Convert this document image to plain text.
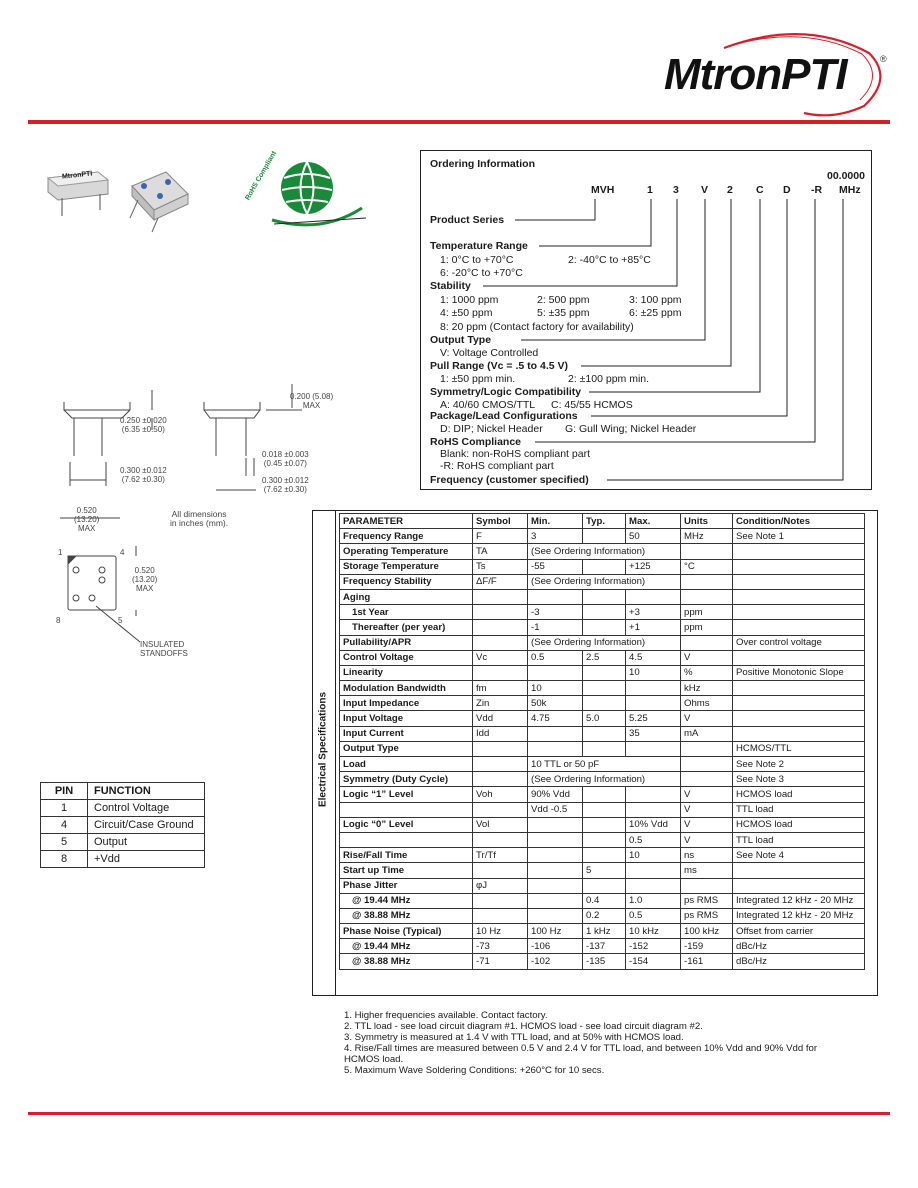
MtronPTI	®
MtronPTI	RoHS Compliant	Ordering Information
00.0000
MVH	1 3 V 2 C D -R MHz
Product Series
Temperature Range
1: 0°C to +70°C	2: -40°C to +85°C
6: -20°C to +70°C
Stability
1: 1000 ppm	2: 500 ppm	3: 100 ppm
4: ±50 ppm	5: ±35 ppm	6: ±25 ppm
8: 20 ppm (Contact factory for availability)
Output Type
V: Voltage Controlled
Pull Range (Vc = .5 to 4.5 V)
1: ±50 ppm min.	2: ±100 ppm min.
Symmetry/Logic Compatibility
A: 40/60 CMOS/TTL C: 45/55 HCMOS
Package/Lead Configurations
D: DIP; Nickel Header G: Gull Wing; Nickel Header
RoHS Compliance
Blank: non-RoHS compliant part
-R: RoHS compliant part
Frequency (customer specified)
0.250 ±0.020
(6.35 ±0.50)
0.300 ±0.012
(7.62 ±0.30)
0.200 (5.08)
MAX
0.018 ±0.003
(0.45 ±0.07)
0.300 ±0.012
(7.62 ±0.30)
0.520
(13.20)
MAX
0.520
(13.20)
MAX
All dimensions
in inches (mm).
1	4
8	5
INSULATED
STANDOFFS
PIN	FUNCTION
1	Control Voltage
4	Circuit/Case Ground
5	Output
8	+Vdd
Electrical Specifications
PARAMETER	Symbol	Min.	Typ.	Max.	Units	Condition/Notes
Frequency Range	F	3		50	MHz	See Note 1
Operating Temperature	TA	(See Ordering Information)				
Storage Temperature	Ts	-55		+125	°C	
Frequency Stability	ΔF/F	(See Ordering Information)				
Aging						
1st Year		-3		+3	ppm	
Thereafter (per year)		-1		+1	ppm	
Pullability/APR		(See Ordering Information)				Over control voltage
Control Voltage	Vc	0.5	2.5	4.5	V	
Linearity				10	%	Positive Monotonic Slope
Modulation Bandwidth	fm	10			kHz	
Input Impedance	Zin	50k			Ohms	
Input Voltage	Vdd	4.75	5.0	5.25	V	
Input Current	Idd			35	mA	
Output Type						HCMOS/TTL
Load		10 TTL or 50 pF				See Note 2
Symmetry (Duty Cycle)		(See Ordering Information)				See Note 3
Logic “1” Level	Voh	90% Vdd			V	HCMOS load
		Vdd -0.5			V	TTL load
Logic “0” Level	Vol			10% Vdd	V	HCMOS load
				0.5	V	TTL load
Rise/Fall Time	Tr/Tf			10	ns	See Note 4
Start up Time			5		ms	
Phase Jitter	φJ					
@ 19.44 MHz			0.4	1.0	ps RMS	Integrated 12 kHz - 20 MHz
@ 38.88 MHz			0.2	0.5	ps RMS	Integrated 12 kHz - 20 MHz
Phase Noise (Typical)	10 Hz	100 Hz	1 kHz	10 kHz	100 kHz	Offset from carrier
@ 19.44 MHz	-73	-106	-137	-152	-159	dBc/Hz
@ 38.88 MHz	-71	-102	-135	-154	-161	dBc/Hz
1. Higher frequencies available. Contact factory.
2. TTL load - see load circuit diagram #1. HCMOS load - see load circuit diagram #2.
3. Symmetry is measured at 1.4 V with TTL load, and at 50% with HCMOS load.
4. Rise/Fall times are measured between 0.5 V and 2.4 V for TTL load, and between 10% Vdd and 90% Vdd for
HCMOS load.
5. Maximum Wave Soldering Conditions: +260°C for 10 secs.
